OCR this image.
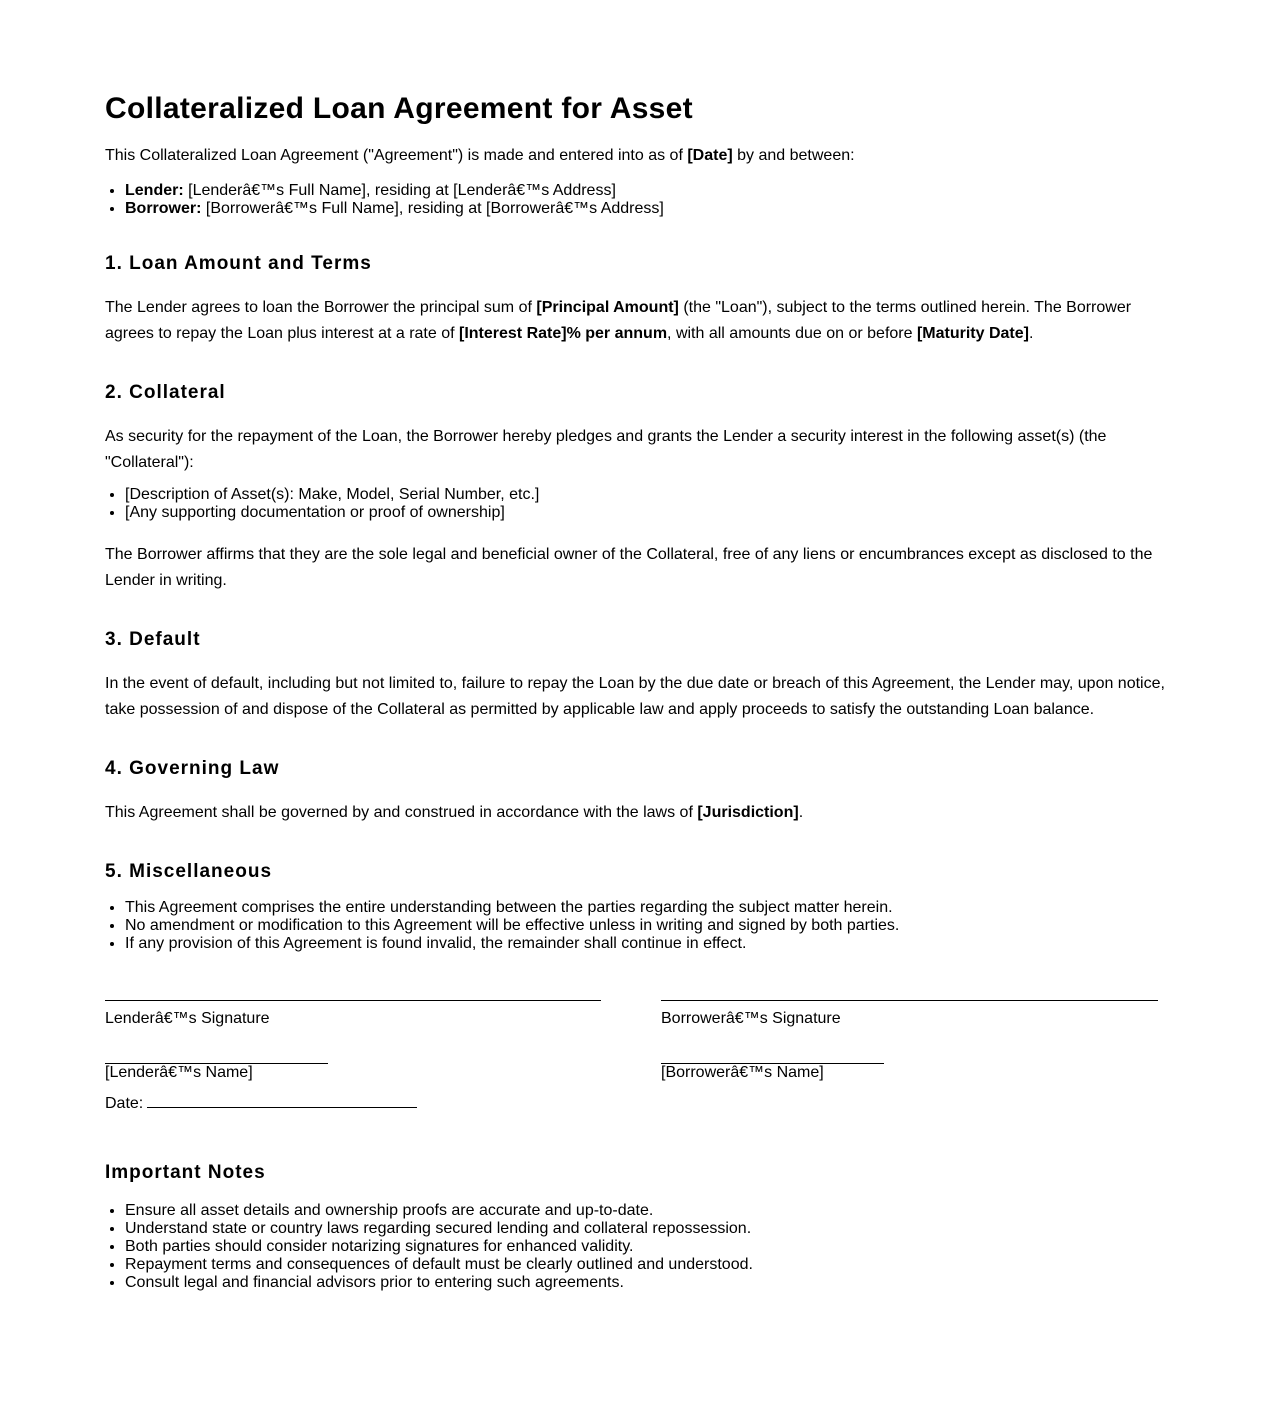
Collateralized Loan Agreement for Asset

This Collateralized Loan Agreement ("Agreement") is made and entered into as of [Date] by and between:

• Lender: [Lenderâ€™s Full Name], residing at [Lenderâ€™s Address]
• Borrower: [Borrowerâ€™s Full Name], residing at [Borrowerâ€™s Address]
1. Loan Amount and Terms

The Lender agrees to loan the Borrower the principal sum of [Principal Amount] (the "Loan"), subject to the terms outlined herein. The Borrower agrees to repay the Loan plus interest at a rate of [Interest Rate]% per annum, with all amounts due on or before [Maturity Date].

2. Collateral

As security for the repayment of the Loan, the Borrower hereby pledges and grants the Lender a security interest in the following asset(s) (the "Collateral"):

• [Description of Asset(s): Make, Model, Serial Number, etc.]
• [Any supporting documentation or proof of ownership]

The Borrower affirms that they are the sole legal and beneficial owner of the Collateral, free of any liens or encumbrances except as disclosed to the Lender in writing.

3. Default

In the event of default, including but not limited to, failure to repay the Loan by the due date or breach of this Agreement, the Lender may, upon notice, take possession of and dispose of the Collateral as permitted by applicable law and apply proceeds to satisfy the outstanding Loan balance.

4. Governing Law

This Agreement shall be governed by and construed in accordance with the laws of [Jurisdiction].

5. Miscellaneous
• This Agreement comprises the entire understanding between the parties regarding the subject matter herein.
• No amendment or modification to this Agreement will be effective unless in writing and signed by both parties.
• If any provision of this Agreement is found invalid, the remainder shall continue in effect.
Lenderâ€™s Signature	Borrowerâ€™s Signature
[Lenderâ€™s Name]	[Borrowerâ€™s Name]
Date:
Important Notes
• Ensure all asset details and ownership proofs are accurate and up-to-date.
• Understand state or country laws regarding secured lending and collateral repossession.
• Both parties should consider notarizing signatures for enhanced validity.
• Repayment terms and consequences of default must be clearly outlined and understood.
• Consult legal and financial advisors prior to entering such agreements.
